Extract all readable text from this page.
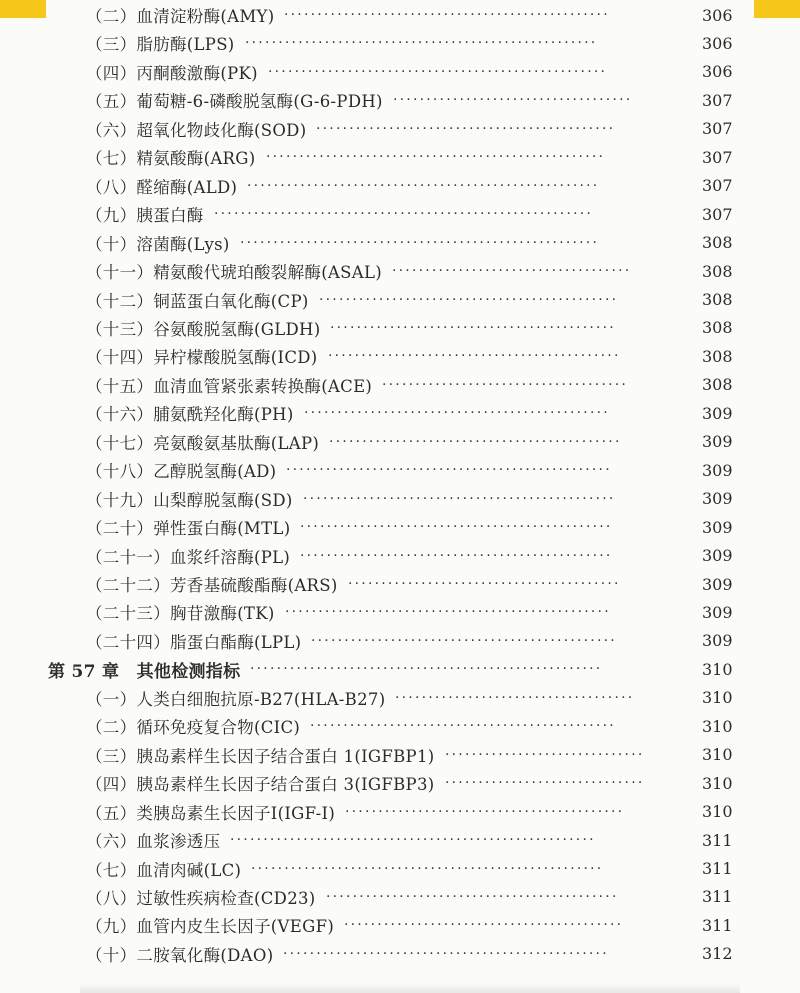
（二）血清淀粉酶(AMY) ·················································	306
（三）脂肪酶(LPS) ·····················································	306
（四）丙酮酸激酶(PK) ···················································	306
（五）葡萄糖-6-磷酸脱氢酶(G-6-PDH) ····································	307
（六）超氧化物歧化酶(SOD) ·············································	307
（七）精氨酸酶(ARG) ···················································	307
（八）醛缩酶(ALD) ·····················································	307
（九）胰蛋白酶 ·························································	307
（十）溶菌酶(Lys) ······················································	308
（十一）精氨酸代琥珀酸裂解酶(ASAL) ····································	308
（十二）铜蓝蛋白氧化酶(CP) ·············································	308
（十三）谷氨酸脱氢酶(GLDH) ···········································	308
（十四）异柠檬酸脱氢酶(ICD) ············································	308
（十五）血清血管紧张素转换酶(ACE) ·····································	308
（十六）脯氨酰羟化酶(PH) ··············································	309
（十七）亮氨酸氨基肽酶(LAP) ············································	309
（十八）乙醇脱氢酶(AD) ·················································	309
（十九）山梨醇脱氢酶(SD) ···············································	309
（二十）弹性蛋白酶(MTL) ···············································	309
（二十一）血浆纤溶酶(PL) ···············································	309
（二十二）芳香基硫酸酯酶(ARS) ·········································	309
（二十三）胸苷激酶(TK) ·················································	309
（二十四）脂蛋白酯酶(LPL) ··············································	309
第 57 章　其他检测指标 ·····················································	310
（一）人类白细胞抗原-B27(HLA-B27) ····································	310
（二）循环免疫复合物(CIC) ··············································	310
（三）胰岛素样生长因子结合蛋白 1(IGFBP1) ······························	310
（四）胰岛素样生长因子结合蛋白 3(IGFBP3) ······························	310
（五）类胰岛素生长因子Ⅰ(IGF-Ⅰ) ··········································	310
（六）血浆渗透压 ·······················································	311
（七）血清肉碱(LC) ·····················································	311
（八）过敏性疾病检查(CD23) ············································	311
（九）血管内皮生长因子(VEGF) ··········································	311
（十）二胺氧化酶(DAO) ·················································	312
